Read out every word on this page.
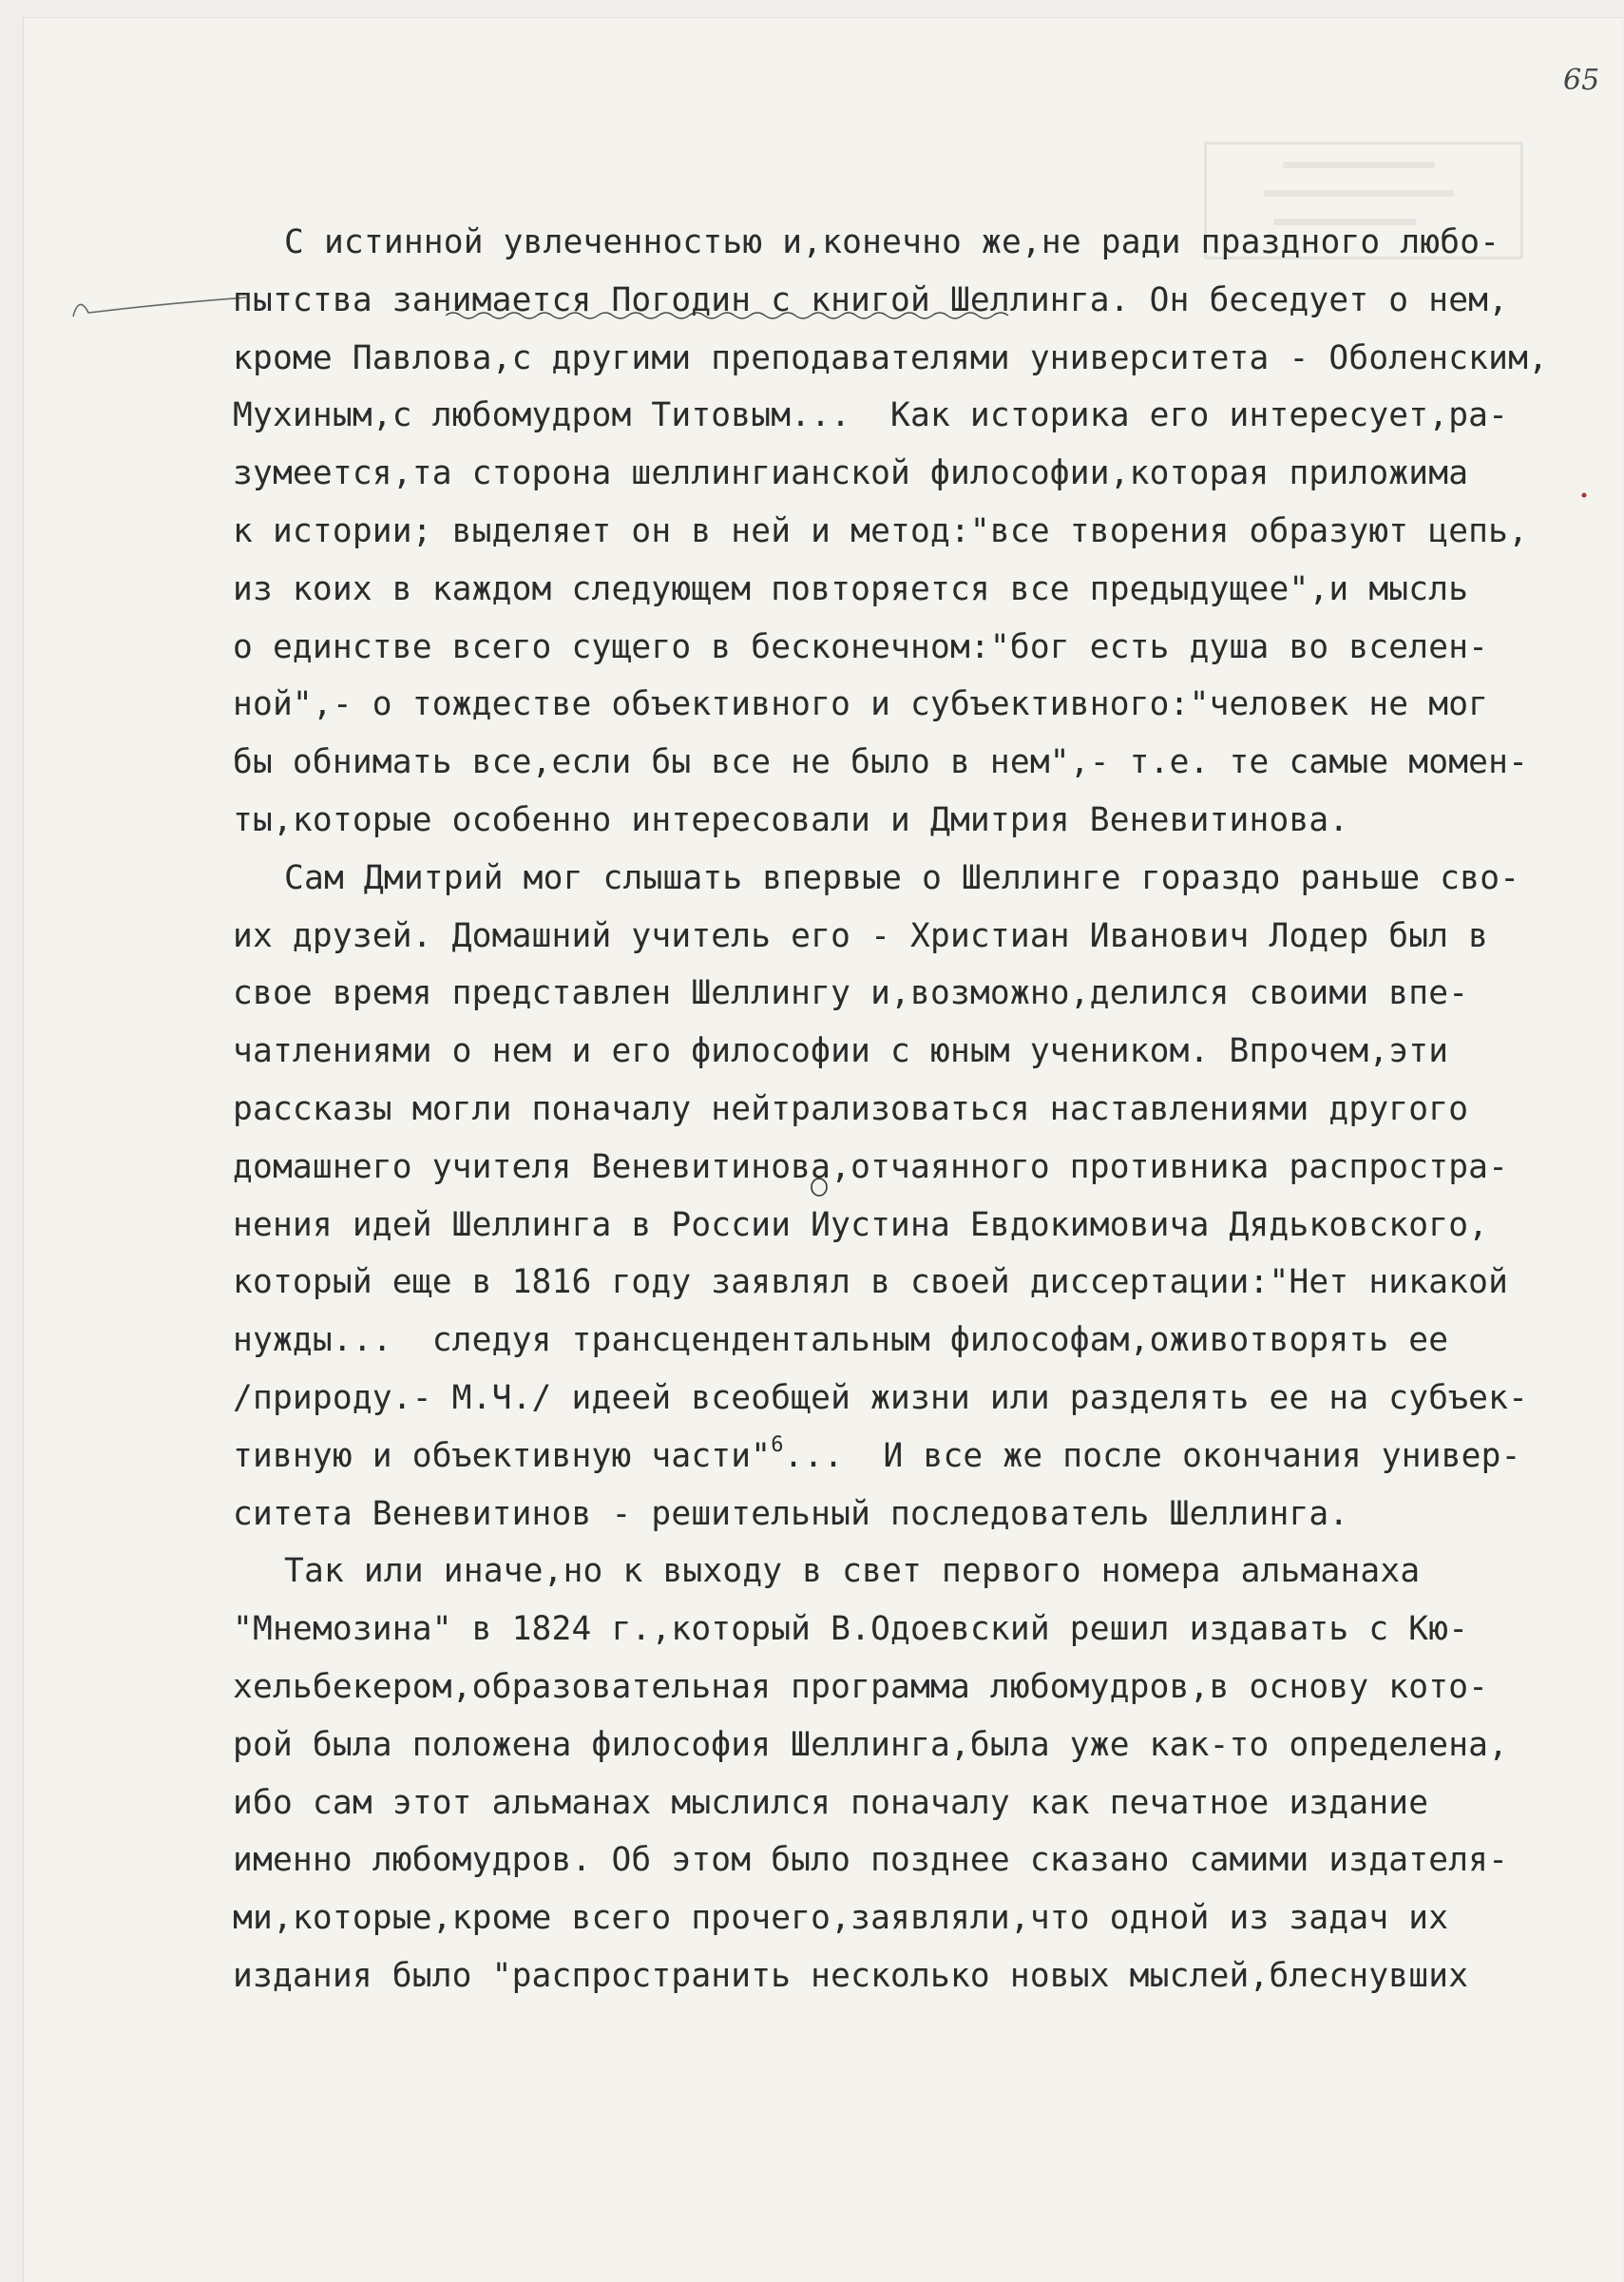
65
С истинной увлеченностью и,конечно же,не ради праздного любо-
пытства занимается Погодин с книгой Шеллинга. Он беседует о нем,
кроме Павлова,с другими преподавателями университета - Оболенским,
Мухиным,с любомудром Титовым...  Как историка его интересует,ра-
зумеется,та сторона шеллингианской философии,которая приложима
к истории; выделяет он в ней и метод:"все творения образуют цепь,
из коих в каждом следующем повторяется все предыдущее",и мысль
о единстве всего сущего в бесконечном:"бог есть душа во вселен-
ной",- о тождестве объективного и субъективного:"человек не мог
бы обнимать все,если бы все не было в нем",- т.е. те самые момен-
ты,которые особенно интересовали и Дмитрия Веневитинова.
Сам Дмитрий мог слышать впервые о Шеллинге гораздо раньше сво-
их друзей. Домашний учитель его - Христиан Иванович Лодер был в
свое время представлен Шеллингу и,возможно,делился своими впе-
чатлениями о нем и его философии с юным учеником. Впрочем,эти
рассказы могли поначалу нейтрализоваться наставлениями другого
домашнего учителя Веневитинова,отчаянного противника распростра-
нения идей Шеллинга в России Иустина Евдокимовича Дядьковского,
который еще в 1816 году заявлял в своей диссертации:"Нет никакой
нужды...  следуя трансцендентальным философам,оживотворять ее
/природу.- М.Ч./ идеей всеобщей жизни или разделять ее на субъек-
тивную и объективную части"$^6$...  И все же после окончания универ-
ситета Веневитинов - решительный последователь Шеллинга.
Так или иначе,но к выходу в свет первого номера альманаха
"Мнемозина" в 1824 г.,который В.Одоевский решил издавать с Кю-
хельбекером,образовательная программа любомудров,в основу кото-
рой была положена философия Шеллинга,была уже как-то определена,
ибо сам этот альманах мыслился поначалу как печатное издание
именно любомудров. Об этом было позднее сказано самими издателя-
ми,которые,кроме всего прочего,заявляли,что одной из задач их
издания было "распространить несколько новых мыслей,блеснувших
